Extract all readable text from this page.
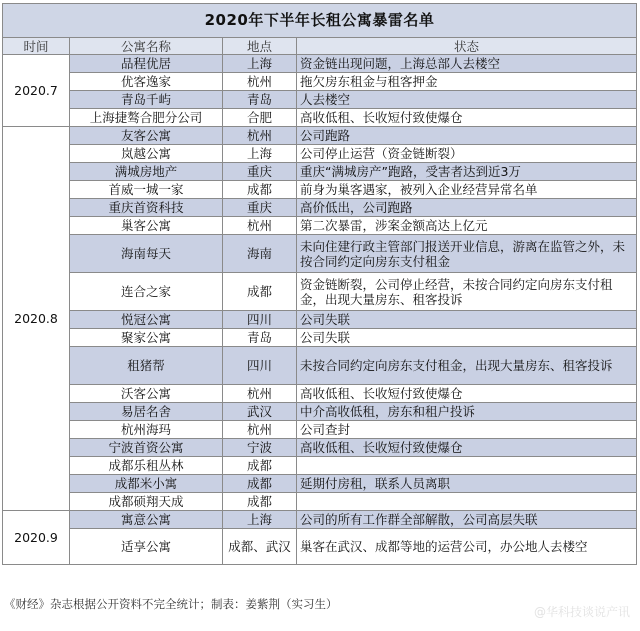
2020年下半年长租公寓暴雷名单			
时间	公寓名称	地点	状态
2020.7	品程优居	上海	资金链出现问题，上海总部人去楼空
	优客逸家	杭州	拖欠房东租金与租客押金
	青岛千屿	青岛	人去楼空
	上海捷骜合肥分公司	合肥	高收低租、长收短付致使爆仓
2020.8	友客公寓	杭州	公司跑路
	岚越公寓	上海	公司停止运营（资金链断裂）
	满城房地产	重庆	重庆“满城房产”跑路，受害者达到近3万
	首威一城一家	成都	前身为巢客遇家，被列入企业经营异常名单
	重庆首资科技	重庆	高价低出，公司跑路
	巢客公寓	杭州	第二次暴雷，涉案金额高达上亿元
	海南每天	海南	未向住建行政主管部门报送开业信息，游离在监管之外，未按合同约定向房东支付租金
	连合之家	成都	资金链断裂，公司停止经营，未按合同约定向房东支付租金，出现大量房东、租客投诉
	悦冠公寓	四川	公司失联
	聚家公寓	青岛	公司失联
	租猪帮	四川	未按合同约定向房东支付租金，出现大量房东、租客投诉
	沃客公寓	杭州	高收低租、长收短付致使爆仓
	易居名舍	武汉	中介高收低租，房东和租户投诉
	杭州海玛	杭州	公司查封
	宁波首资公寓	宁波	高收低租、长收短付致使爆仓
	成都乐租丛林	成都	
	成都米小寓	成都	延期付房租，联系人员离职
	成都硕翔天成	成都	
2020.9	寓意公寓	上海	公司的所有工作群全部解散，公司高层失联
	适享公寓	成都、武汉	巢客在武汉、成都等地的运营公司，办公地人去楼空
《财经》杂志根据公开资料不完全统计；制表：姜紫荆（实习生）
@华科技谈说产讯
